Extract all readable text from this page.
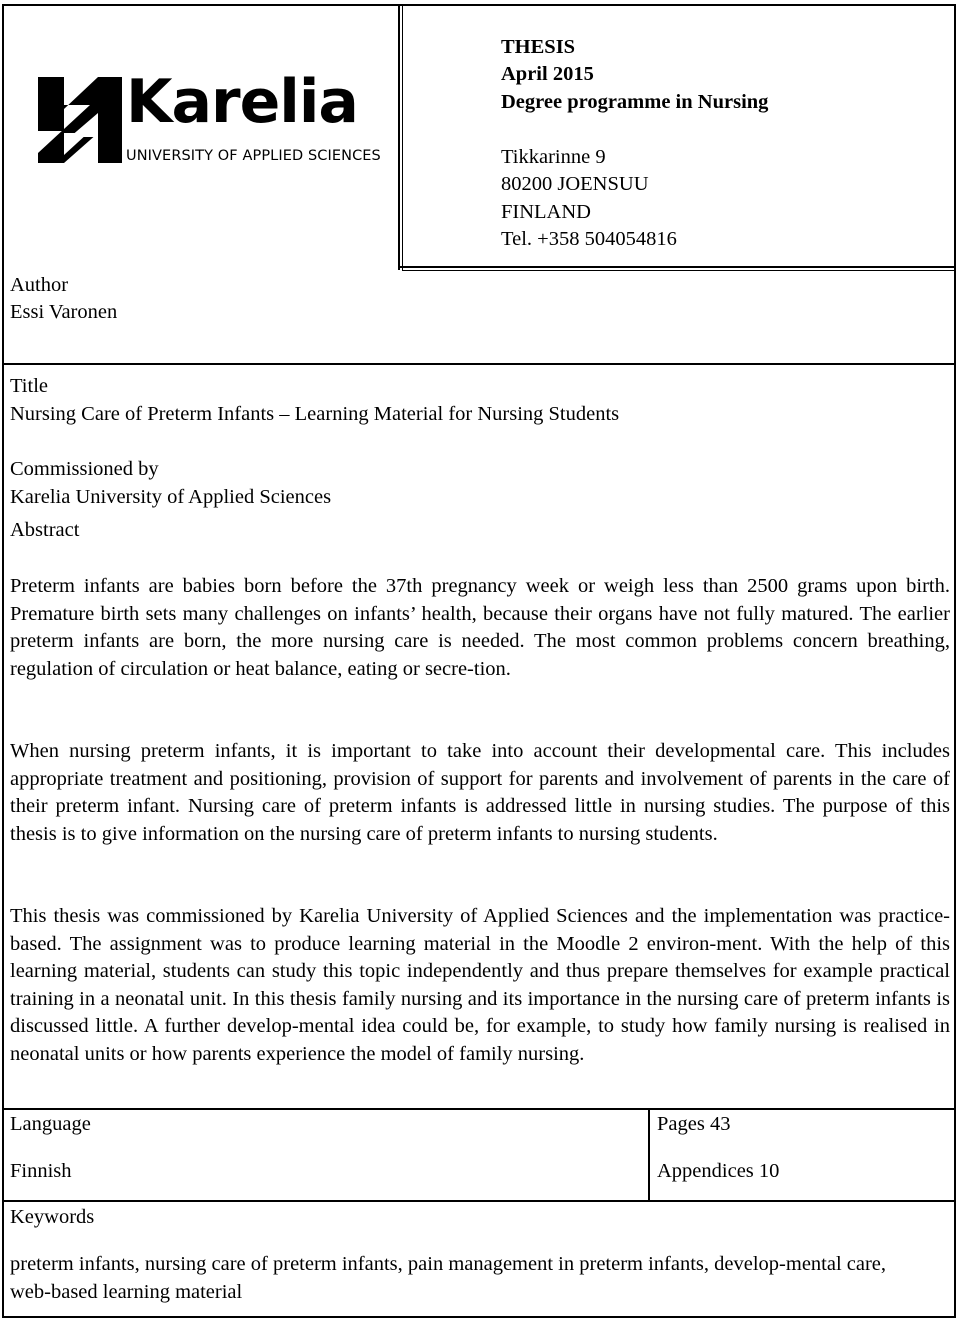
Karelia
UNIVERSITY OF APPLIED SCIENCES
THESIS
April 2015
Degree programme in Nursing
Tikkarinne 9
80200 JOENSUU
FINLAND
Tel. +358 504054816
Author
Essi Varonen
Title
Nursing Care of Preterm Infants – Learning Material for Nursing Students
Commissioned by
Karelia University of Applied Sciences
Abstract
Preterm infants are babies born before the 37th pregnancy week or weigh less than 2500 grams upon birth. Premature birth sets many challenges on infants’ health, because their organs have not fully matured. The earlier preterm infants are born, the more nursing care is needed. The most common problems concern breathing, regulation of circulation or heat balance, eating or secre-tion.
When nursing preterm infants, it is important to take into account their developmental care. This includes appropriate treatment and positioning, provision of support for parents and involvement of parents in the care of their preterm infant. Nursing care of preterm infants is addressed little in nursing studies. The purpose of this thesis is to give information on the nursing care of preterm infants to nursing students.
This thesis was commissioned by Karelia University of Applied Sciences and the implementation was practice-based. The assignment was to produce learning material in the Moodle 2 environ-ment. With the help of this learning material, students can study this topic independently and thus prepare themselves for example practical training in a neonatal unit. In this thesis family nursing and its importance in the nursing care of preterm infants is discussed little. A further develop-mental idea could be, for example, to study how family nursing is realised in neonatal units or how parents experience the model of family nursing.
Language
Finnish
Pages 43
Appendices 10
Keywords
preterm infants, nursing care of preterm infants, pain management in preterm infants, develop-mental care, web-based learning material
